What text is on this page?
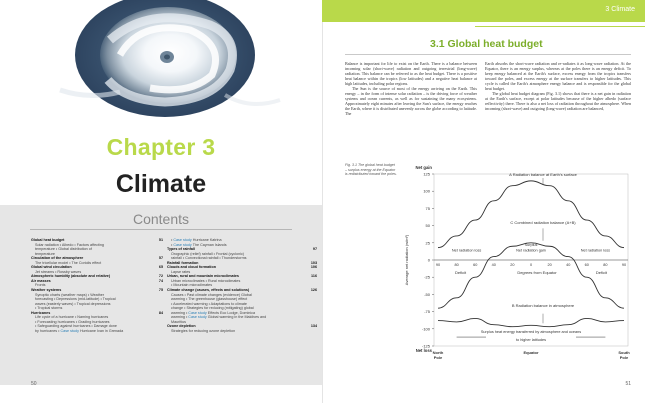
Chapter 3
Climate
Contents
Global heat budget	51
Solar radiation • Albedo • Factors affecting
temperature • Global distribution of
temperature
Circulation of the atmosphere	57
The tricellular model • The Coriolis effect
Global wind circulation	65
Jet streams • Rossby waves
Atmospheric humidity (absolute and relative)	72
Air masses	74
Fronts
Weather systems	75
Synoptic charts (weather maps) • Weather
forecasting • Depressions (mid-latitude) • Tropical
waves (easterly waves) • Tropical depressions
• Tropical storms
Hurricanes	84
Life cycle of a hurricane • Naming hurricanes
• Forecasting hurricanes • Grading hurricanes
• Safeguarding against hurricanes • Damage done
by hurricanes • Case study Hurricane Ivan in Grenada
• Case study Hurricane Katrina
• Case study The Cayman Islands
Types of rainfall	97
Orographic (relief) rainfall • Frontal (cyclonic)
rainfall • Convectional rainfall • Thunderstorms
Rainfall formation	103
Clouds and cloud formation	106
Lapse rates
Urban, rural and mountain microclimates	116
Urban microclimates • Rural microclimates
• Mountain microclimates
Climate change (causes, effects and solutions)	126
Causes • Past climate changes (evidence) Global
warming • The greenhouse (glasshouse) effect
• Accelerated warming • Adaptations to climate
change • Strategies for reducing (mitigating) global
warming • Case study Effects Eco Lodge, Dominica
warming • Case study Global warming in the Maldives and
Mauritius
Ozone depletion	134
Strategies for reducing ozone depletion
50
3 Climate
3.1 Global heat budget

Balance is important for life to exist on the Earth. There is a balance between incoming solar (short-wave) radiation and outgoing terrestrial (long-wave) radiation. This balance can be referred to as the heat budget. There is a positive heat balance within the tropics (low latitudes) and a negative heat balance at high latitudes, including polar regions.

The Sun is the source of most of the energy arriving on the Earth. This energy – in the form of intense solar radiation – is the driving force of weather systems and ocean currents, as well as for sustaining the many ecosystems. Approximately eight minutes after leaving the Sun's surface, the energy reaches the Earth, where it is distributed unevenly across the globe according to latitude. The

Earth absorbs the short-wave radiation and re-radiates it as long-wave radiation. At the Equator, there is an energy surplus, whereas at the poles there is an energy deficit. To keep energy balanced at the Earth's surface, excess energy from the tropics transfers toward the poles, and excess energy at the surface transfers to higher latitudes. This cycle is called the Earth's atmosphere energy balance and is responsible for the global heat budget.

The global heat budget diagram (Fig. 3.1) shows that there is a net gain in radiation at the Earth's surface, except at polar latitudes because of the higher albedo (surface reflectivity) there. There is also a net loss of radiation throughout the atmosphere. When incoming (short-wave) and outgoing (long-wave) radiation are balanced,

Fig. 3.1 The global heat budget – surplus energy at the Equator is redistributed toward the poles.	125
100
75
50
25
0
-25
-50
-75
-100
-125
90	80	60	40	20	0	20	40	60	80	90
Degrees from Equator
Average net radiation (w/m²)
Net gain
Net loss North
Pole
Equator	South
Pole
A Radiation balance at Earth's surface
C Combined radiation balance (A+B)
B Radiation balance in atmosphere
Net radiation loss
Surplus
Net radiation gain	Net radiation loss
Deficit	Deficit
Surplus heat energy transferred by atmosphere and oceans
to higher latitudes
51
